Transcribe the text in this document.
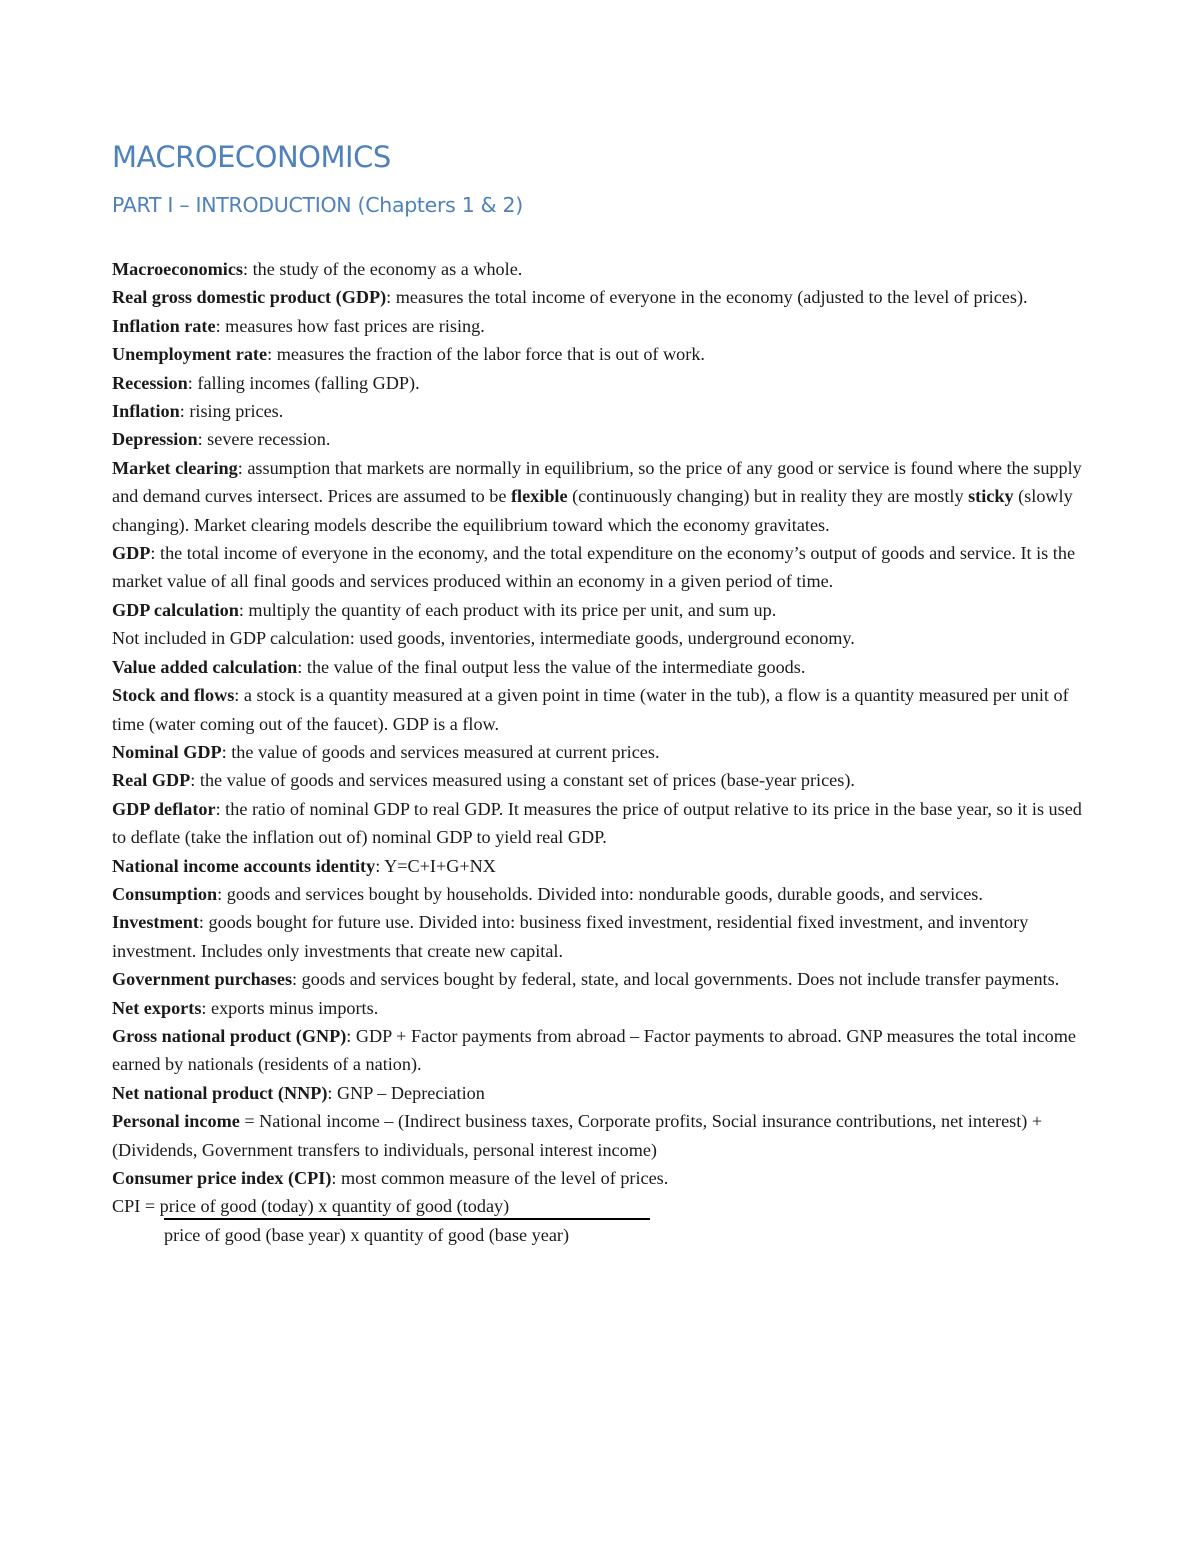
MACROECONOMICS
PART I – INTRODUCTION (Chapters 1 & 2)

Macroeconomics: the study of the economy as a whole.

Real gross domestic product (GDP): measures the total income of everyone in the economy (adjusted to the level of prices).

Inflation rate: measures how fast prices are rising.

Unemployment rate: measures the fraction of the labor force that is out of work.

Recession: falling incomes (falling GDP).

Inflation: rising prices.

Depression: severe recession.

Market clearing: assumption that markets are normally in equilibrium, so the price of any good or service is found where the supply and demand curves intersect. Prices are assumed to be flexible (continuously changing) but in reality they are mostly sticky (slowly changing). Market clearing models describe the equilibrium toward which the economy gravitates.

GDP: the total income of everyone in the economy, and the total expenditure on the economy’s output of goods and service. It is the market value of all final goods and services produced within an economy in a given period of time.

GDP calculation: multiply the quantity of each product with its price per unit, and sum up.

Not included in GDP calculation: used goods, inventories, intermediate goods, underground economy.

Value added calculation: the value of the final output less the value of the intermediate goods.

Stock and flows: a stock is a quantity measured at a given point in time (water in the tub), a flow is a quantity measured per unit of time (water coming out of the faucet). GDP is a flow.

Nominal GDP: the value of goods and services measured at current prices.

Real GDP: the value of goods and services measured using a constant set of prices (base-year prices).

GDP deflator: the ratio of nominal GDP to real GDP. It measures the price of output relative to its price in the base year, so it is used to deflate (take the inflation out of) nominal GDP to yield real GDP.

National income accounts identity: Y=C+I+G+NX

Consumption: goods and services bought by households. Divided into: nondurable goods, durable goods, and services.

Investment: goods bought for future use. Divided into: business fixed investment, residential fixed investment, and inventory investment. Includes only investments that create new capital.

Government purchases: goods and services bought by federal, state, and local governments. Does not include transfer payments.

Net exports: exports minus imports.

Gross national product (GNP): GDP + Factor payments from abroad – Factor payments to abroad. GNP measures the total income earned by nationals (residents of a nation).

Net national product (NNP): GNP – Depreciation

Personal income = National income – (Indirect business taxes, Corporate profits, Social insurance contributions, net interest) + (Dividends, Government transfers to individuals, personal interest income)

Consumer price index (CPI): most common measure of the level of prices.

CPI = price of good (today) x quantity of good (today)
price of good (base year) x quantity of good (base year)
